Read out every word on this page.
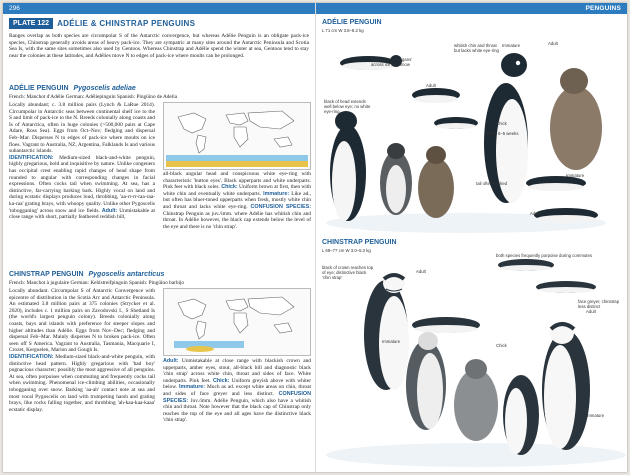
296
PLATE 122	ADÉLIE & CHINSTRAP PENGUINS
Ranges overlap as both species are circumpolar S of the Antarctic convergence, but whereas Adélie Penguin is an obligate pack-ice species, Chinstrap generally avoids areas of heavy pack-ice. They are sympatric at many sites around the Antarctic Peninsula and Scotia Sea Is, with the same sites sometimes also used by Gentoos. Whereas Chinstrap and Adélie spend the winter at sea, Gentoos tend to stay near the colonies at these latitudes, and Adélies move N to edges of pack-ice where moults can be prolonged.
ADÉLIE PENGUIN Pygoscelis adeliae
French: Manchot d'Adélie German: Adéliepinguin Spanish: Pingüino de Adelia
Locally abundant; c. 3.8 million pairs (Lynch & LaRue 2014). Circumpolar in Antarctic seas between continental shelf ice to the S and limit of pack-ice to the N. Breeds colonially along coasts and Is of Antarctica, often in huge colonies (>500,000 pairs at Cape Adare, Ross Sea). Eggs from Oct–Nov; fledging and dispersal Feb–Mar. Disperses N to edges of pack-ice where moults on ice floes. Vagrant to Australia, NZ, Argentina, Falklands Is and various subantarctic islands.
IDENTIFICATION: Medium-sized black-and-white penguin, highly gregarious, bold and inquisitive by nature. Unlike congeners has occipital crest enabling rapid changes of head shape from rounded to angular with corresponding changes in facial expressions. Often cocks tail when swimming. At sea, has a distinctive, far-carrying barking bark. Highly vocal on land and during ecstatic displays produces loud, throbbing, 'aa-rr-rr-raa-raa-ka-raa' grating brays, with whoopy quality. Unlike other Pygoscelis 'tobogganing' across snow and ice fields. Adult: Unmistakable at close range with short, partially feathered reddish bill,
all-black angular head and conspicuous white eye-ring with characteristic 'button eyes'. Black upperparts and white underparts. Pink feet with black soles. Chick: Uniform brown at first, then with white chin and eventually white underparts. Immature: Like ad., but often has bluer-toned upperparts when fresh, mostly white chin and throat and lacks white eye-ring. CONFUSION SPECIES: Chinstrap Penguin as juv./imm. where Adélie has whitish chin and throat. In Adélie however, the black cap extends below the level of the eye and there is no 'chin strap'.
CHINSTRAP PENGUIN Pygoscelis antarcticus
French: Manchot à jugulaire German: Kehlstreifpinguin Spanish: Pingüino barbijo
Locally abundant. Circumpolar S of Antarctic Convergence with epicentre of distribution in the Scotia Arc and Antarctic Peninsula. An estimated 3.8 million pairs at 375 colonies (Strycker et al. 2020), includes c. 1 million pairs on Zavodovski I., S Shetland Is (the world's largest penguin colony). Breeds colonially along coasts, bays and islands with preference for steeper slopes and higher altitudes than Adélie. Eggs from Nov–Dec; fledging and dispersal Feb–Mar. Mainly disperses N to broken pack-ice. Often seen off S America. Vagrant to Australia, Tasmania, Macquarie I, Crozet, Kerguelen, Marion and Gough Is.
IDENTIFICATION: Medium-sized black-and-white penguin, with distinctive head pattern. Highly gregarious with 'bad boy' pugnacious character; possibly the most aggressive of all penguins. At sea, often porpoises when commuting and frequently cocks tail when swimming. Phenomenal ice-climbing abilities, occasionally tobogganing over snow. Barking 'aa-ah' contact note at sea and most vocal Pygoscelis on land with trumpeting harsh and grating brays, like rocks falling together, and throbbing 'ah-kaa-kaa-kaaa' ecstatic display.
Adult: Unmistakable at close range with blackish crown and upperparts, amber eyes, stout, all-black bill and diagnostic black 'chin strap' across white chin, throat and sides of face. White underparts. Pink feet. Chick: Uniform greyish above with whiter below. Immature: Much as ad. except white areas on chin, throat and sides of face greyer and less distinct. CONFUSION SPECIES: Juv./imm. Adélie Penguin, which also have a whitish chin and throat. Note however that the black cap of Chinstrap only reaches the top of the eye and all ages have the distinctive black 'chin strap'.
PENGUINS
ADÉLIE PENGUIN
L 71 cm W 3.8–8.2 kg
habitually 'toboggans' across ice and snow
whitish chin and throat but lacks white eye-ring
Immature	Adult
Adult
Chick
Chick 6–5 weeks
black of head extends well below eye; no white eye-ring
tail often cocked
Immature
Adult
CHINSTRAP PENGUIN
L 68–77 cm W 3.0–5.3 kg
both species frequently porpoise during commutes
Adult
black of crown reaches top of eye; distinctive black 'chin strap'
Adult
Immature
Chick
face greyer, chinstrap less distinct
Immature
